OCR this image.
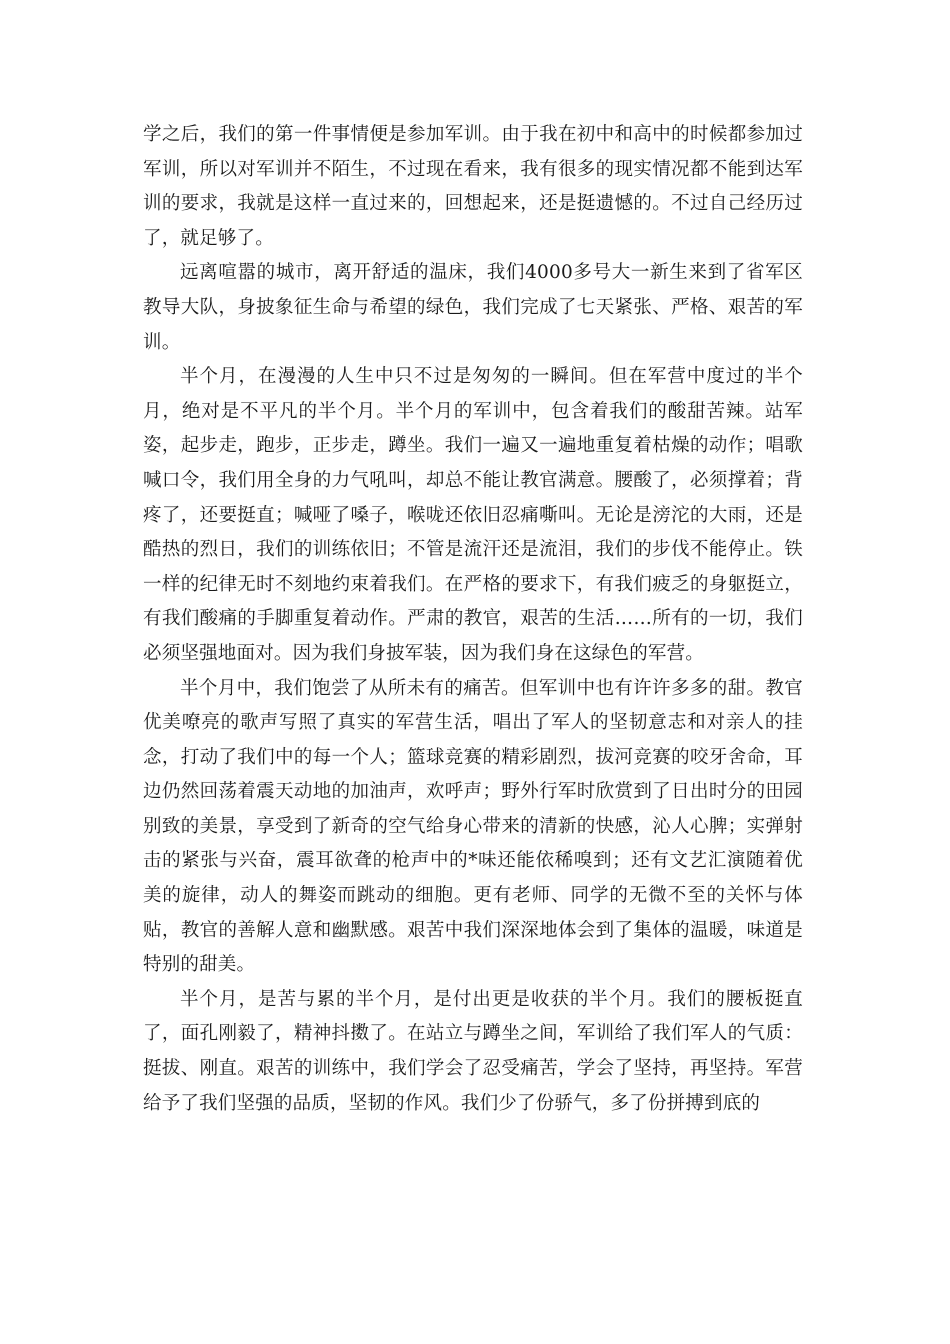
学之后，我们的第一件事情便是参加军训。由于我在初中和高中的时候都参加过军训，所以对军训并不陌生，不过现在看来，我有很多的现实情况都不能到达军训的要求，我就是这样一直过来的，回想起来，还是挺遗憾的。不过自己经历过了，就足够了。

远离喧嚣的城市，离开舒适的温床，我们4000多号大一新生来到了省军区教导大队，身披象征生命与希望的绿色，我们完成了七天紧张、严格、艰苦的军训。

半个月，在漫漫的人生中只不过是匆匆的一瞬间。但在军营中度过的半个月，绝对是不平凡的半个月。半个月的军训中，包含着我们的酸甜苦辣。站军姿，起步走，跑步，正步走，蹲坐。我们一遍又一遍地重复着枯燥的动作；唱歌喊口令，我们用全身的力气吼叫，却总不能让教官满意。腰酸了，必须撑着；背疼了，还要挺直；喊哑了嗓子，喉咙还依旧忍痛嘶叫。无论是滂沱的大雨，还是酷热的烈日，我们的训练依旧；不管是流汗还是流泪，我们的步伐不能停止。铁一样的纪律无时不刻地约束着我们。在严格的要求下，有我们疲乏的身躯挺立，有我们酸痛的手脚重复着动作。严肃的教官，艰苦的生活……所有的一切，我们必须坚强地面对。因为我们身披军装，因为我们身在这绿色的军营。

半个月中，我们饱尝了从所未有的痛苦。但军训中也有许许多多的甜。教官优美嘹亮的歌声写照了真实的军营生活，唱出了军人的坚韧意志和对亲人的挂念，打动了我们中的每一个人；篮球竞赛的精彩剧烈，拔河竞赛的咬牙舍命，耳边仍然回荡着震天动地的加油声，欢呼声；野外行军时欣赏到了日出时分的田园别致的美景，享受到了新奇的空气给身心带来的清新的快感，沁人心脾；实弹射击的紧张与兴奋，震耳欲聋的枪声中的*味还能依稀嗅到；还有文艺汇演随着优美的旋律，动人的舞姿而跳动的细胞。更有老师、同学的无微不至的关怀与体贴，教官的善解人意和幽默感。艰苦中我们深深地体会到了集体的温暖，味道是特别的甜美。

半个月，是苦与累的半个月，是付出更是收获的半个月。我们的腰板挺直了，面孔刚毅了，精神抖擞了。在站立与蹲坐之间，军训给了我们军人的气质：挺拔、刚直。艰苦的训练中，我们学会了忍受痛苦，学会了坚持，再坚持。军营给予了我们坚强的品质，坚韧的作风。我们少了份骄气，多了份拼搏到底的
